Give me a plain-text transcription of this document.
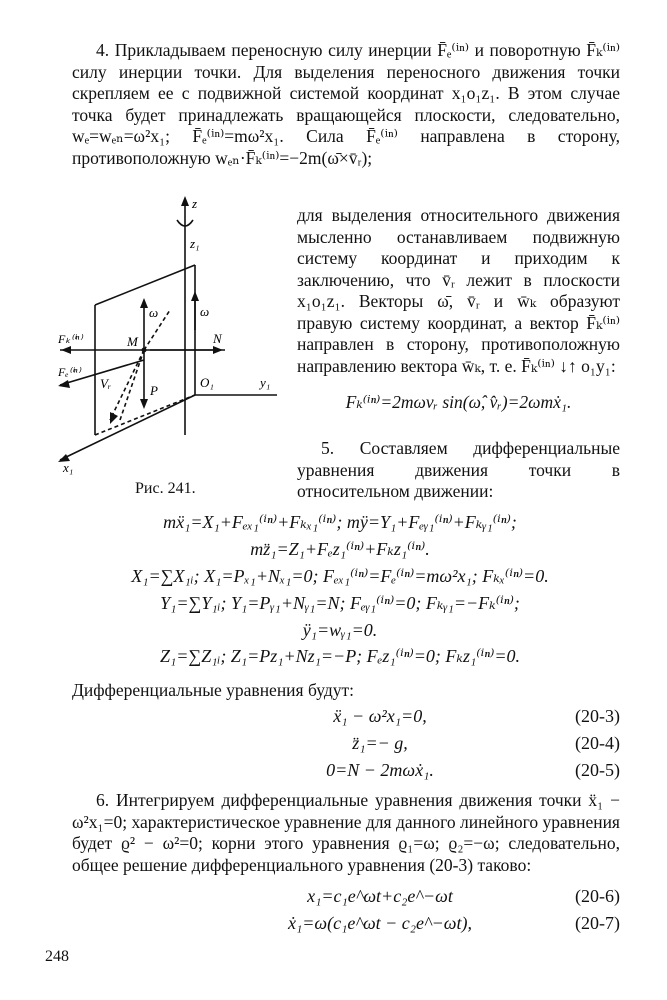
4. Прикладываем переносную силу инерции F̄ₑ⁽ⁱⁿ⁾ и поворотную F̄ₖ⁽ⁱⁿ⁾ силу инерции точки. Для выделения переносного движения точки скрепляем ее с подвижной системой координат x₁o₁z₁. В этом случае точка будет принадлежать вращающейся плоскости, следовательно, wₑ=wₑₙ=ω²x₁; F̄ₑ⁽ⁱⁿ⁾=mω²x₁. Сила F̄ₑ⁽ⁱⁿ⁾ направлена в сторону, противоположную wₑₙ·F̄ₖ⁽ⁱⁿ⁾=−2m(ω̄×v̄ᵣ);

z
z₁
ω	ω
Fₖ⁽ⁱⁿ⁾	M	N
Fₑ⁽ⁱⁿ⁾
Vᵣ	P
O₁	y₁
x₁
Рис. 241.

для выделения относительного движения мысленно останавливаем подвижную систему координат и приходим к заключению, что v̄ᵣ лежит в плоскости x₁o₁z₁. Векторы ω̄, v̄ᵣ и w̄ₖ образуют правую систему координат, а вектор F̄ₖ⁽ⁱⁿ⁾ направлен в сторону, противоположную направлению вектора w̄ₖ, т. е. F̄ₖ⁽ⁱⁿ⁾ ↓↑ o₁y₁:

Fₖ⁽ⁱⁿ⁾=2mωvᵣ sin(ω̂, v̂ᵣ)=2ωmẋ₁.

5. Составляем дифференциальные уравнения движения точки в относительном движении:

mẍ₁=X₁+Fₑₓ₁⁽ⁱⁿ⁾+Fₖₓ₁⁽ⁱⁿ⁾; mÿ=Y₁+Fₑᵧ₁⁽ⁱⁿ⁾+Fₖᵧ₁⁽ⁱⁿ⁾;
mz̈₁=Z₁+Fₑz₁⁽ⁱⁿ⁾+Fₖz₁⁽ⁱⁿ⁾.
X₁=∑X₁ᵢ; X₁=Pₓ₁+Nₓ₁=0; Fₑₓ₁⁽ⁱⁿ⁾=Fₑ⁽ⁱⁿ⁾=mω²x₁; Fₖₓ⁽ⁱⁿ⁾=0.
Y₁=∑Y₁ᵢ; Y₁=Pᵧ₁+Nᵧ₁=N; Fₑᵧ₁⁽ⁱⁿ⁾=0; Fₖᵧ₁=−Fₖ⁽ⁱⁿ⁾;
ÿ₁=wᵧ₁=0.
Z₁=∑Z₁ᵢ; Z₁=Pz₁+Nz₁=−P; Fₑz₁⁽ⁱⁿ⁾=0; Fₖz₁⁽ⁱⁿ⁾=0.
Дифференциальные уравнения будут:
ẍ₁ − ω²x₁=0,	(20-3)
z̈₁=− g,	(20-4)
0=N − 2mωẋ₁.	(20-5)

6. Интегрируем дифференциальные уравнения движения точки ẍ₁ − ω²x₁=0; характеристическое уравнение для данного линейного уравнения будет ϱ² − ω²=0; корни этого уравнения ϱ₁=ω; ϱ₂=−ω; следовательно, общее решение дифференциального уравнения (20-3) таково:

x₁=c₁e^ωt+c₂e^−ωt	(20-6)
ẋ₁=ω(c₁e^ωt − c₂e^−ωt),	(20-7)
248
